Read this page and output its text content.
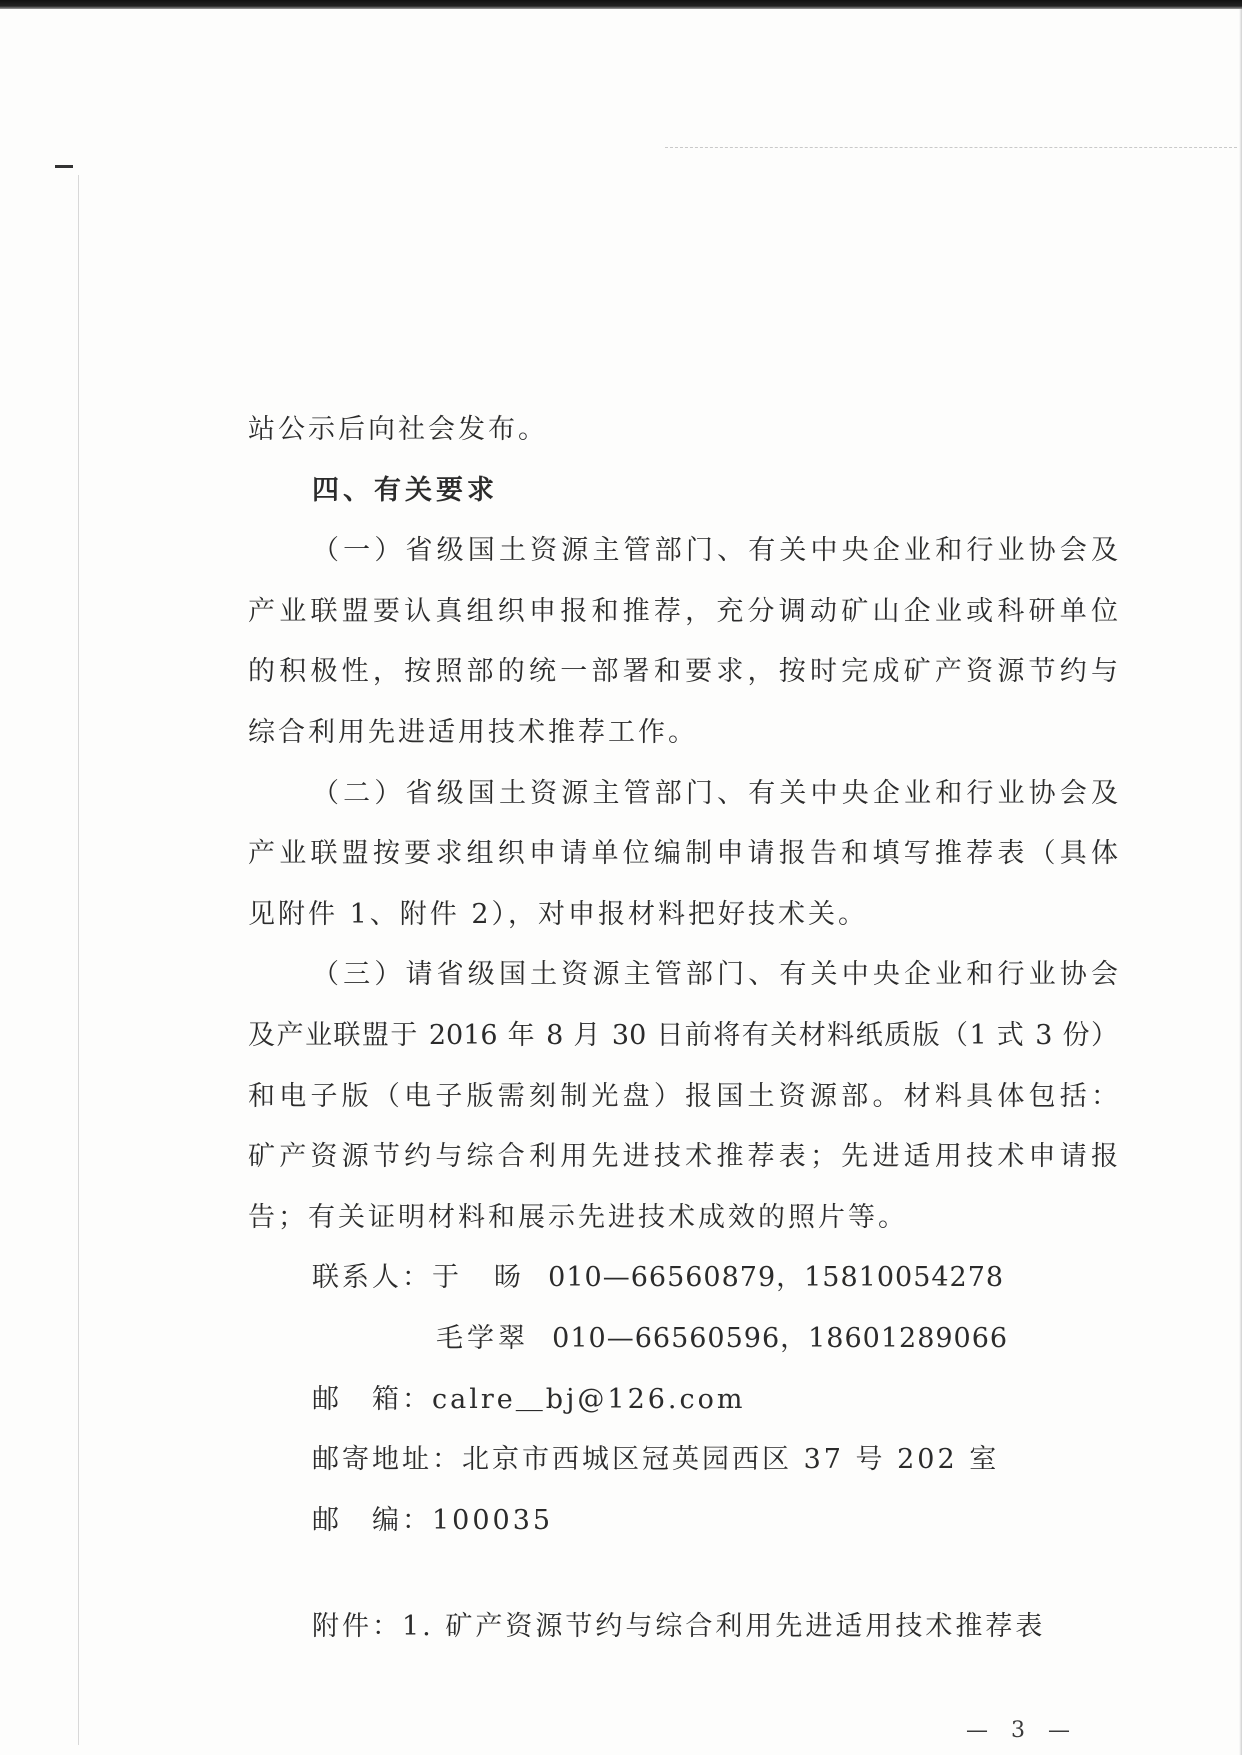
站公示后向社会发布。
四、有关要求
（一）省级国土资源主管部门、有关中央企业和行业协会及
产业联盟要认真组织申报和推荐，充分调动矿山企业或科研单位
的积极性，按照部的统一部署和要求，按时完成矿产资源节约与
综合利用先进适用技术推荐工作。
（二）省级国土资源主管部门、有关中央企业和行业协会及
产业联盟按要求组织申请单位编制申请报告和填写推荐表（具体
见附件 1、附件 2），对申报材料把好技术关。
（三）请省级国土资源主管部门、有关中央企业和行业协会
及产业联盟于 2016 年 8 月 30 日前将有关材料纸质版（1 式 3 份）
和电子版（电子版需刻制光盘）报国土资源部。材料具体包括：
矿产资源节约与综合利用先进技术推荐表；先进适用技术申请报
告；有关证明材料和展示先进技术成效的照片等。
联系人：于　旸 010—66560879，15810054278
毛学翠 010—66560596，18601289066
邮　箱：calre＿bj@126.com
邮寄地址：北京市西城区冠英园西区 37 号 202 室
邮　编：100035
附件：1. 矿产资源节约与综合利用先进适用技术推荐表
— 3 —
